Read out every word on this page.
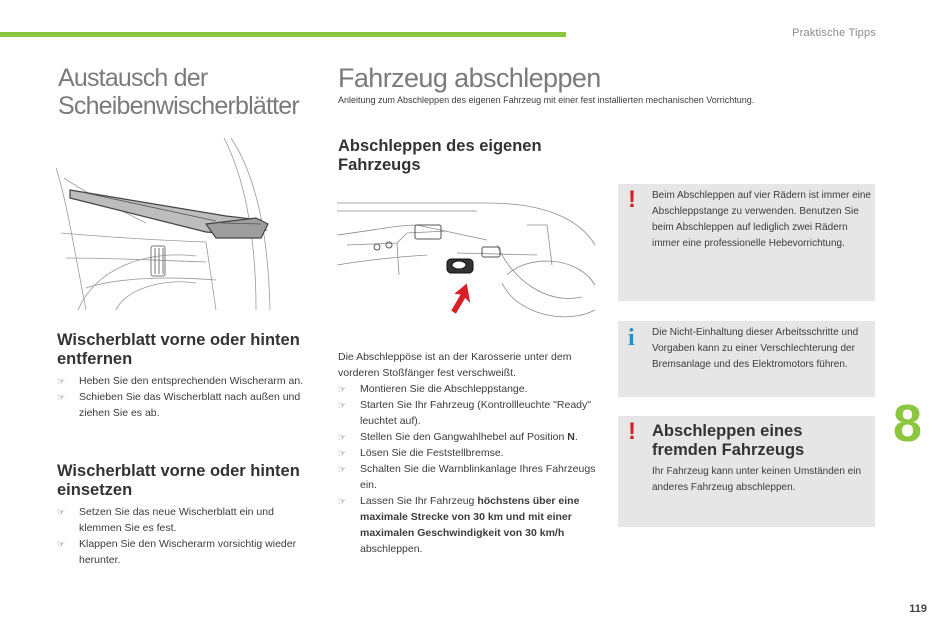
Praktische Tipps
Austausch der Scheibenwischerblätter
Wischerblatt vorne oder hinten entfernen
☞ Heben Sie den entsprechenden Wischerarm an.
☞ Schieben Sie das Wischerblatt nach außen und ziehen Sie es ab.
Wischerblatt vorne oder hinten einsetzen
☞ Setzen Sie das neue Wischerblatt ein und klemmen Sie es fest.
☞ Klappen Sie den Wischerarm vorsichtig wieder herunter.
Fahrzeug abschleppen
Anleitung zum Abschleppen des eigenen Fahrzeug mit einer fest installierten mechanischen Vorrichtung.
Abschleppen des eigenen Fahrzeugs

Die Abschleppöse ist an der Karosserie unter dem vorderen Stoßfänger fest verschweißt.

☞ Montieren Sie die Abschleppstange.
☞ Starten Sie Ihr Fahrzeug (Kontrollleuchte "Ready" leuchtet auf).
☞ Stellen Sie den Gangwahlhebel auf Position N.
☞ Lösen Sie die Feststellbremse.
☞ Schalten Sie die Warnblinkanlage Ihres Fahrzeugs ein.
☞ Lassen Sie Ihr Fahrzeug höchstens über eine maximale Strecke von 30 km und mit einer maximalen Geschwindigkeit von 30 km/h abschleppen.
! Beim Abschleppen auf vier Rädern ist immer eine Abschleppstange zu verwenden. Benutzen Sie beim Abschleppen auf lediglich zwei Rädern immer eine professionelle Hebevorrichtung.
i Die Nicht-Einhaltung dieser Arbeitsschritte und Vorgaben kann zu einer Verschlechterung der Bremsanlage und des Elektromotors führen.
! Abschleppen eines fremden Fahrzeugs
Ihr Fahrzeug kann unter keinen Umständen ein anderes Fahrzeug abschleppen.
8
119
